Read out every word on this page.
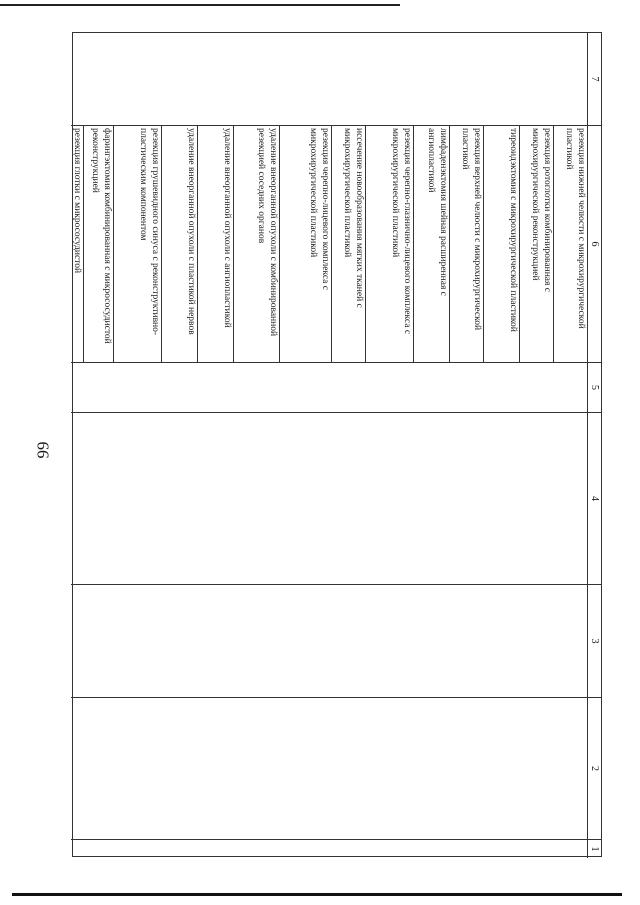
99
7
6
5
4
3
2
1
резекция нижней челюсти с микрохирургической пластикой
резекция ротоглотки комбинированная с микрохирургической реконструкцией
тиреоидэктомия с микрохирургической пластикой
резекция верхней челюсти с микрохирургической пластикой
лимфаденэктомия шейная расширенная с ангиопластикой
резекция черепно-глазнично-лицевого комплекса с микрохирургической пластикой
иссечение новообразования мягких тканей с микрохирургической пластикой
резекция черепно-лицевого комплекса с микрохирургической пластикой
удаление внеорганной опухоли с комбинированной резекцией соседних органов
удаление внеорганной опухоли с ангиопластикой
удаление внеорганной опухоли с пластикой нервов
резекция грушевидного синуса с реконструктивно-пластическим компонентом
фарингэктомия комбинированная с микрососудистой реконструкцией
резекция глотки с микрососудистой
